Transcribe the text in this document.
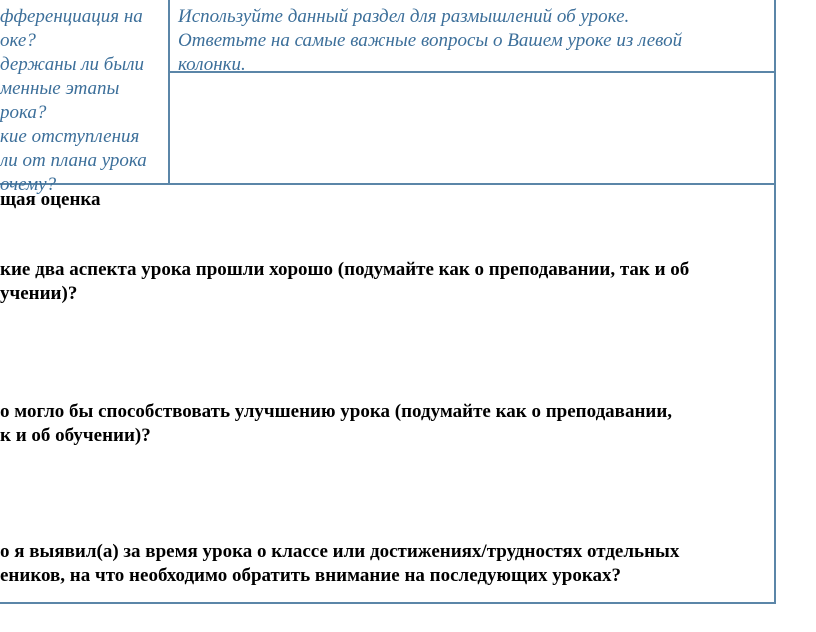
фференциация на

оке?

держаны ли были

менные этапы

рока?

кие отступления

ли от плана урока

очему?

Используйте данный раздел для размышлений об уроке.
Ответьте на самые важные вопросы о Вашем уроке из левой
колонки.
щая оценка
кие два аспекта урока прошли хорошо (подумайте как о преподавании, так и об
учении)?
о могло бы способствовать улучшению урока (подумайте как о преподавании,
к и об обучении)?
о я выявил(а) за время урока о классе или достижениях/трудностях отдельных
еников, на что необходимо обратить внимание на последующих уроках?
